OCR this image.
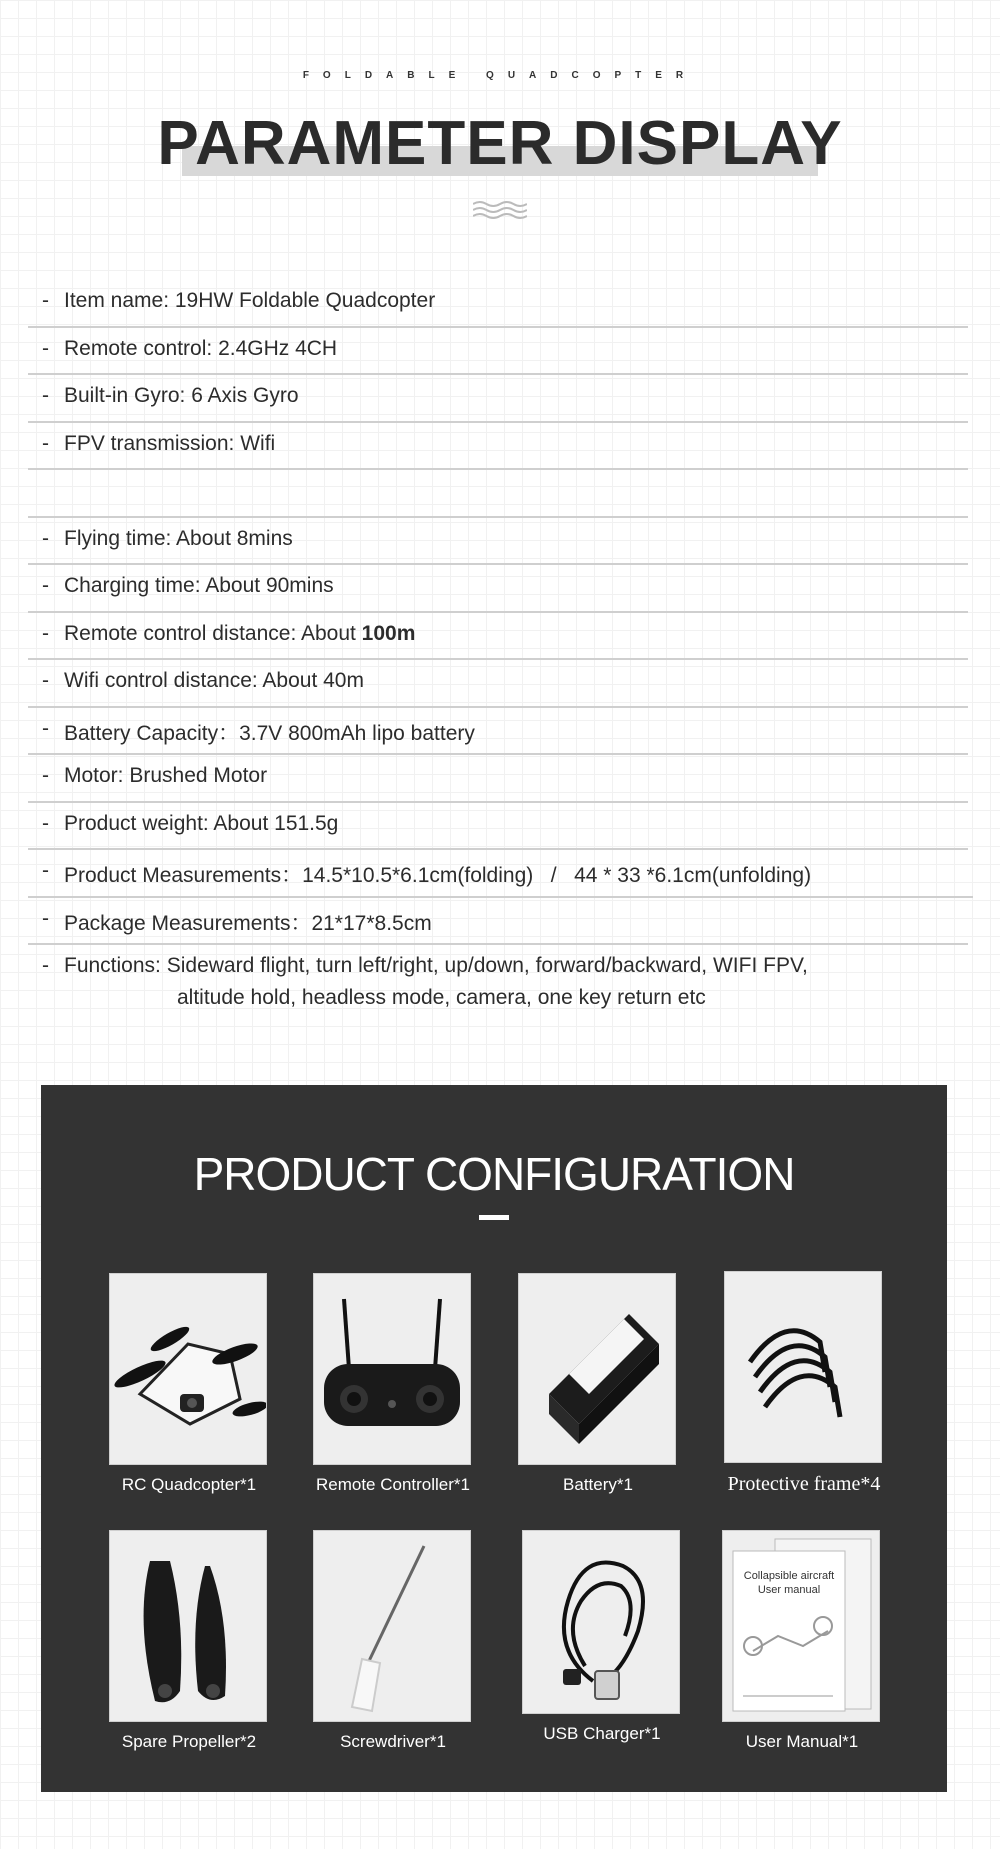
FOLDABLE QUADCOPTER
PARAMETER DISPLAY
- Item name: 19HW Foldable Quadcopter
- Remote control: 2.4GHz 4CH
- Built-in Gyro: 6 Axis Gyro
- FPV transmission: Wifi
- Flying time: About 8mins
- Charging time: About 90mins
- Remote control distance: About 100m
- Wifi control distance: About 40m
- Battery Capacity：3.7V 800mAh lipo battery
- Motor: Brushed Motor
- Product weight: About 151.5g
- Product Measurements：14.5*10.5*6.1cm(folding)   /   44 * 33 *6.1cm(unfolding)
- Package Measurements：21*17*8.5cm
- Functions: Sideward flight, turn left/right, up/down, forward/backward, WIFI FPV,
altitude hold, headless mode, camera, one key return etc
PRODUCT CONFIGURATION
RC Quadcopter*1	Remote Controller*1	Battery*1	Protective frame*4
Spare Propeller*2	Screwdriver*1	USB Charger*1
Collapsible aircraft User manual
User Manual*1
